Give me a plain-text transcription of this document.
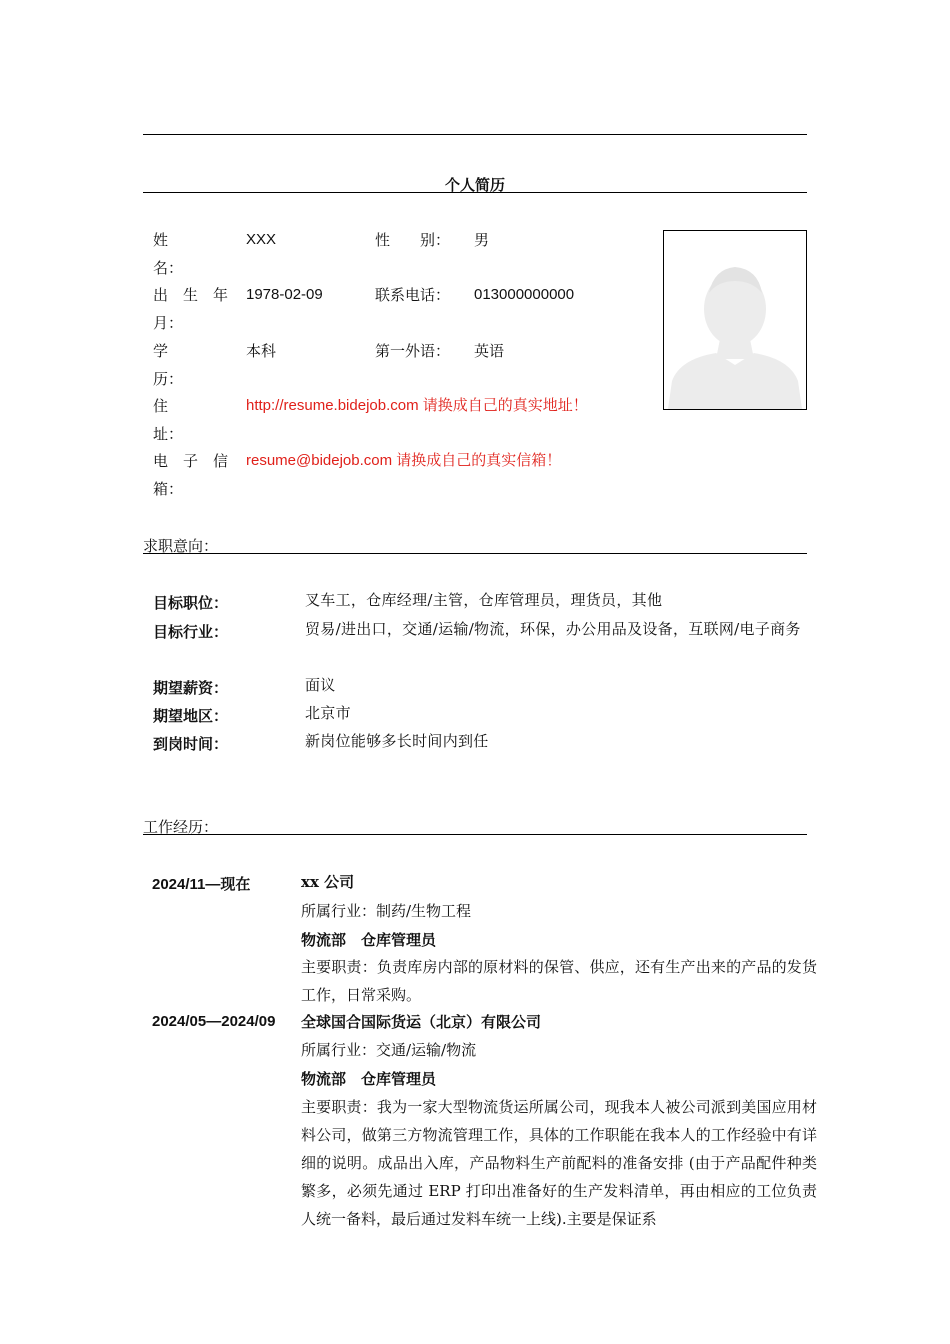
个人简历
姓
名：
XXX	性　　别： 男
出　生　年
月：
1978-02-09	联系电话： 013000000000
学
历：
本科	第一外语： 英语
住
址：
http://resume.bidejob.com 请换成自己的真实地址！
电　子　信
箱：
resume@bidejob.com 请换成自己的真实信箱！
求职意向：
目标职位：	叉车工，仓库经理/主管，仓库管理员，理货员，其他
目标行业：	贸易/进出口，交通/运输/物流，环保，办公用品及设备，互联网/电子商务
期望薪资：	面议
期望地区：	北京市
到岗时间：	新岗位能够多长时间内到任
工作经历：
2024/11—现在	xx 公司
所属行业：制药/生物工程
物流部　仓库管理员
主要职责：负责库房内部的原材料的保管、供应，还有生产出来的产品的发货工作，日常采购。
2024/05—2024/09 全球国合国际货运（北京）有限公司
所属行业：交通/运输/物流
物流部　仓库管理员
主要职责：我为一家大型物流货运所属公司，现我本人被公司派到美国应用材料公司，做第三方物流管理工作，具体的工作职能在我本人的工作经验中有详细的说明。成品出入库，产品物料生产前配料的准备安排 (由于产品配件种类繁多，必须先通过 ERP 打印出准备好的生产发料清单，再由相应的工位负责人统一备料，最后通过发料车统一上线).主要是保证系
